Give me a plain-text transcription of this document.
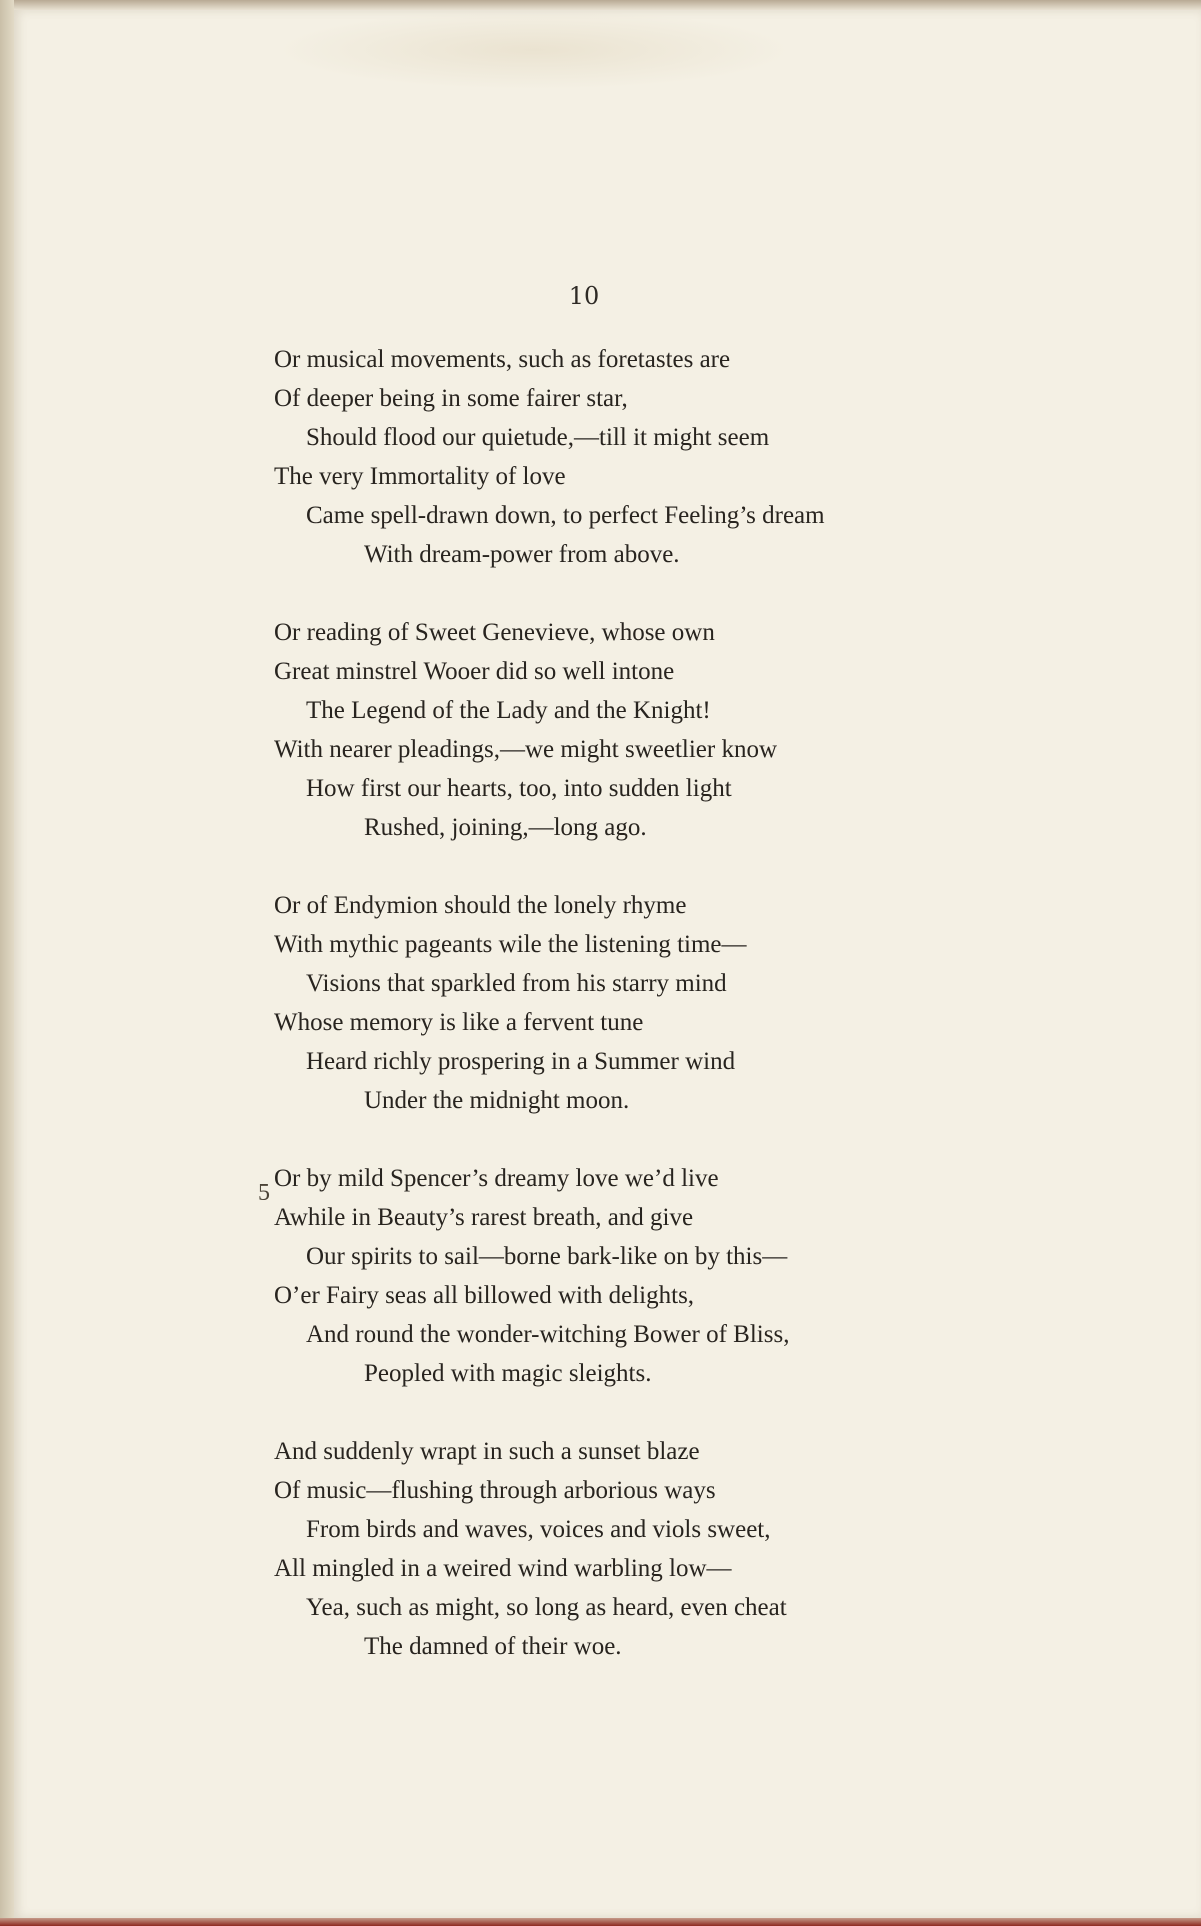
10

5
Or musical movements, such as foretastes are
Of deeper being in some fairer star,
Should flood our quietude,—till it might seem
The very Immortality of love
Came spell-drawn down, to perfect Feeling’s dream
With dream-power from above.
Or reading of Sweet Genevieve, whose own
Great minstrel Wooer did so well intone
The Legend of the Lady and the Knight!
With nearer pleadings,—we might sweetlier know
How first our hearts, too, into sudden light
Rushed, joining,—long ago.
Or of Endymion should the lonely rhyme
With mythic pageants wile the listening time—
Visions that sparkled from his starry mind
Whose memory is like a fervent tune
Heard richly prospering in a Summer wind
Under the midnight moon.
Or by mild Spencer’s dreamy love we’d live
Awhile in Beauty’s rarest breath, and give
Our spirits to sail—borne bark-like on by this—
O’er Fairy seas all billowed with delights,
And round the wonder-witching Bower of Bliss,
Peopled with magic sleights.
And suddenly wrapt in such a sunset blaze
Of music—flushing through arborious ways
From birds and waves, voices and viols sweet,
All mingled in a weired wind warbling low—
Yea, such as might, so long as heard, even cheat
The damned of their woe.
